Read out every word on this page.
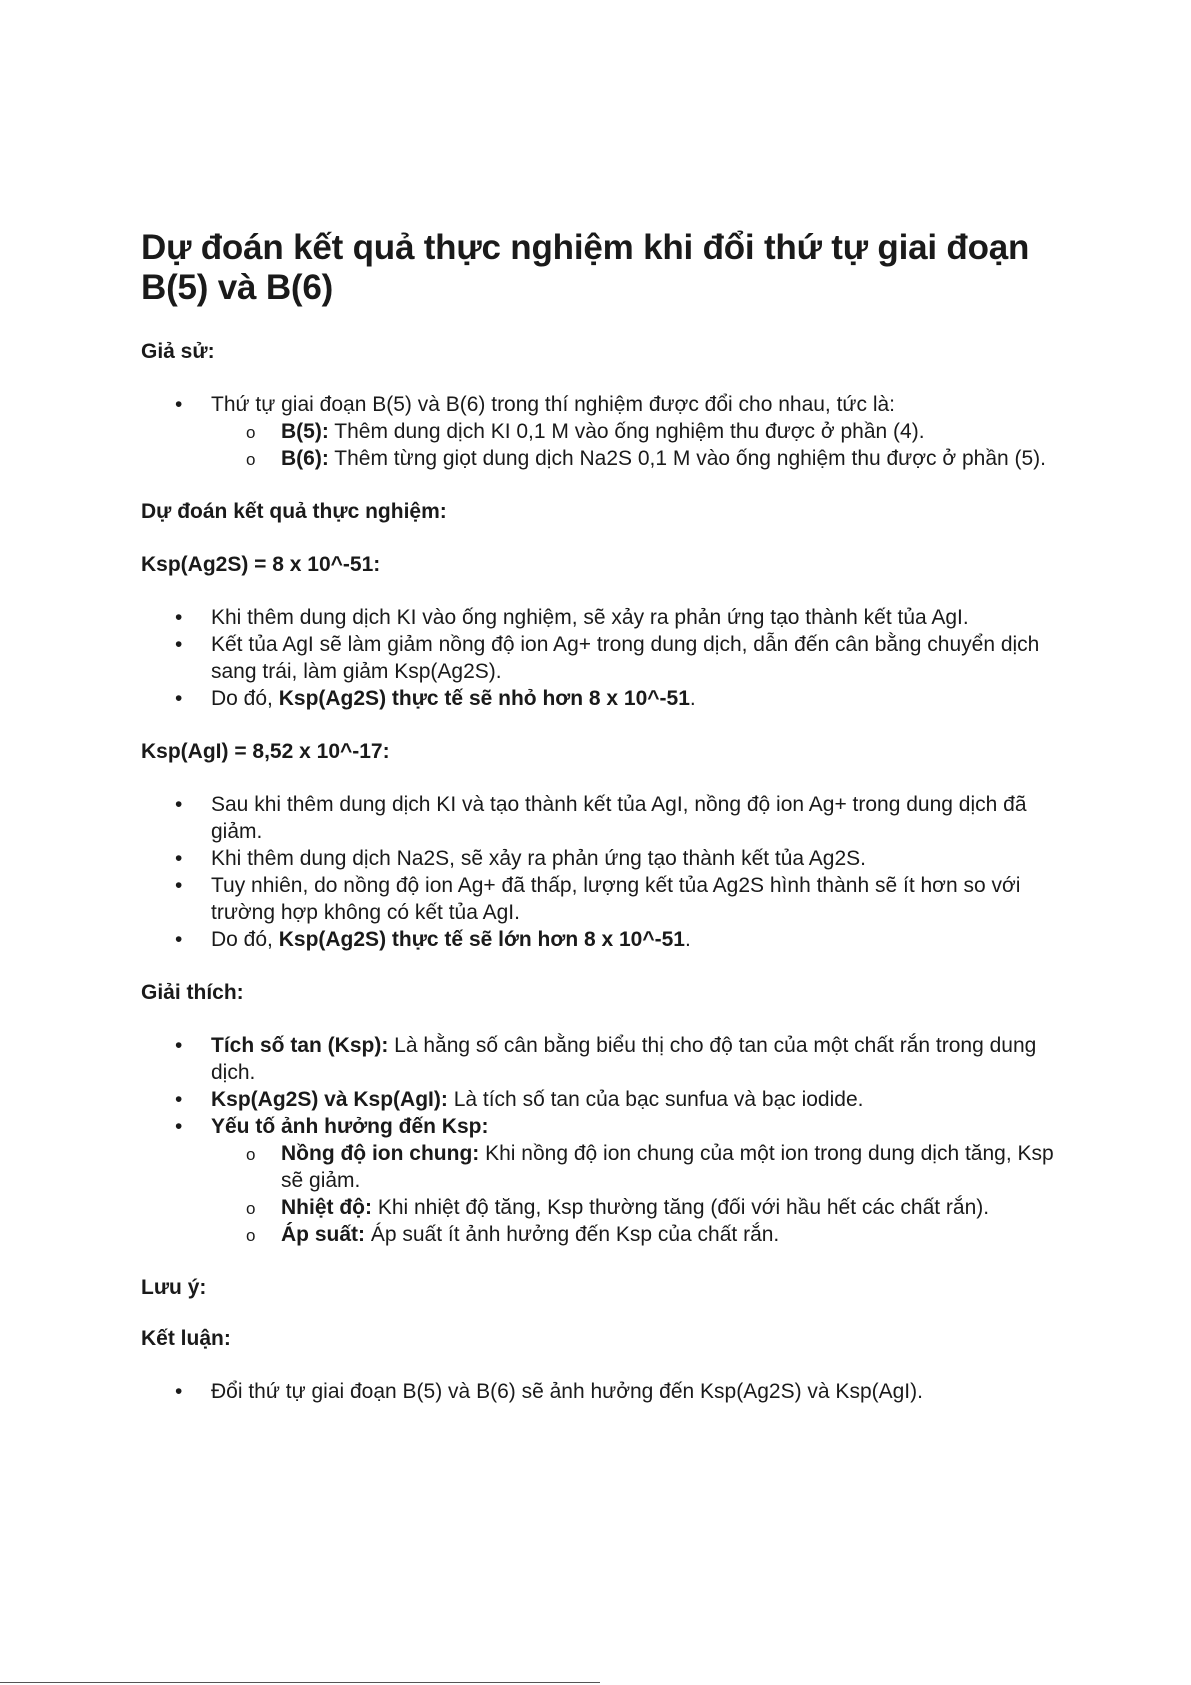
Dự đoán kết quả thực nghiệm khi đổi thứ tự giai đoạn B(5) và B(6)
Giả sử:
• Thứ tự giai đoạn B(5) và B(6) trong thí nghiệm được đổi cho nhau, tức là:
o B(5): Thêm dung dịch KI 0,1 M vào ống nghiệm thu được ở phần (4).
o B(6): Thêm từng giọt dung dịch Na2S 0,1 M vào ống nghiệm thu được ở phần (5).
Dự đoán kết quả thực nghiệm:
Ksp(Ag2S) = 8 x 10^-51:
• Khi thêm dung dịch KI vào ống nghiệm, sẽ xảy ra phản ứng tạo thành kết tủa AgI.
• Kết tủa AgI sẽ làm giảm nồng độ ion Ag+ trong dung dịch, dẫn đến cân bằng chuyển dịch sang trái, làm giảm Ksp(Ag2S).
• Do đó, Ksp(Ag2S) thực tế sẽ nhỏ hơn 8 x 10^-51.
Ksp(AgI) = 8,52 x 10^-17:
• Sau khi thêm dung dịch KI và tạo thành kết tủa AgI, nồng độ ion Ag+ trong dung dịch đã giảm.
• Khi thêm dung dịch Na2S, sẽ xảy ra phản ứng tạo thành kết tủa Ag2S.
• Tuy nhiên, do nồng độ ion Ag+ đã thấp, lượng kết tủa Ag2S hình thành sẽ ít hơn so với trường hợp không có kết tủa AgI.
• Do đó, Ksp(Ag2S) thực tế sẽ lớn hơn 8 x 10^-51.
Giải thích:
• Tích số tan (Ksp): Là hằng số cân bằng biểu thị cho độ tan của một chất rắn trong dung dịch.
• Ksp(Ag2S) và Ksp(AgI): Là tích số tan của bạc sunfua và bạc iodide.
• Yếu tố ảnh hưởng đến Ksp:
o Nồng độ ion chung: Khi nồng độ ion chung của một ion trong dung dịch tăng, Ksp sẽ giảm.
o Nhiệt độ: Khi nhiệt độ tăng, Ksp thường tăng (đối với hầu hết các chất rắn).
o Áp suất: Áp suất ít ảnh hưởng đến Ksp của chất rắn.
Lưu ý:
Kết luận:
• Đổi thứ tự giai đoạn B(5) và B(6) sẽ ảnh hưởng đến Ksp(Ag2S) và Ksp(AgI).
